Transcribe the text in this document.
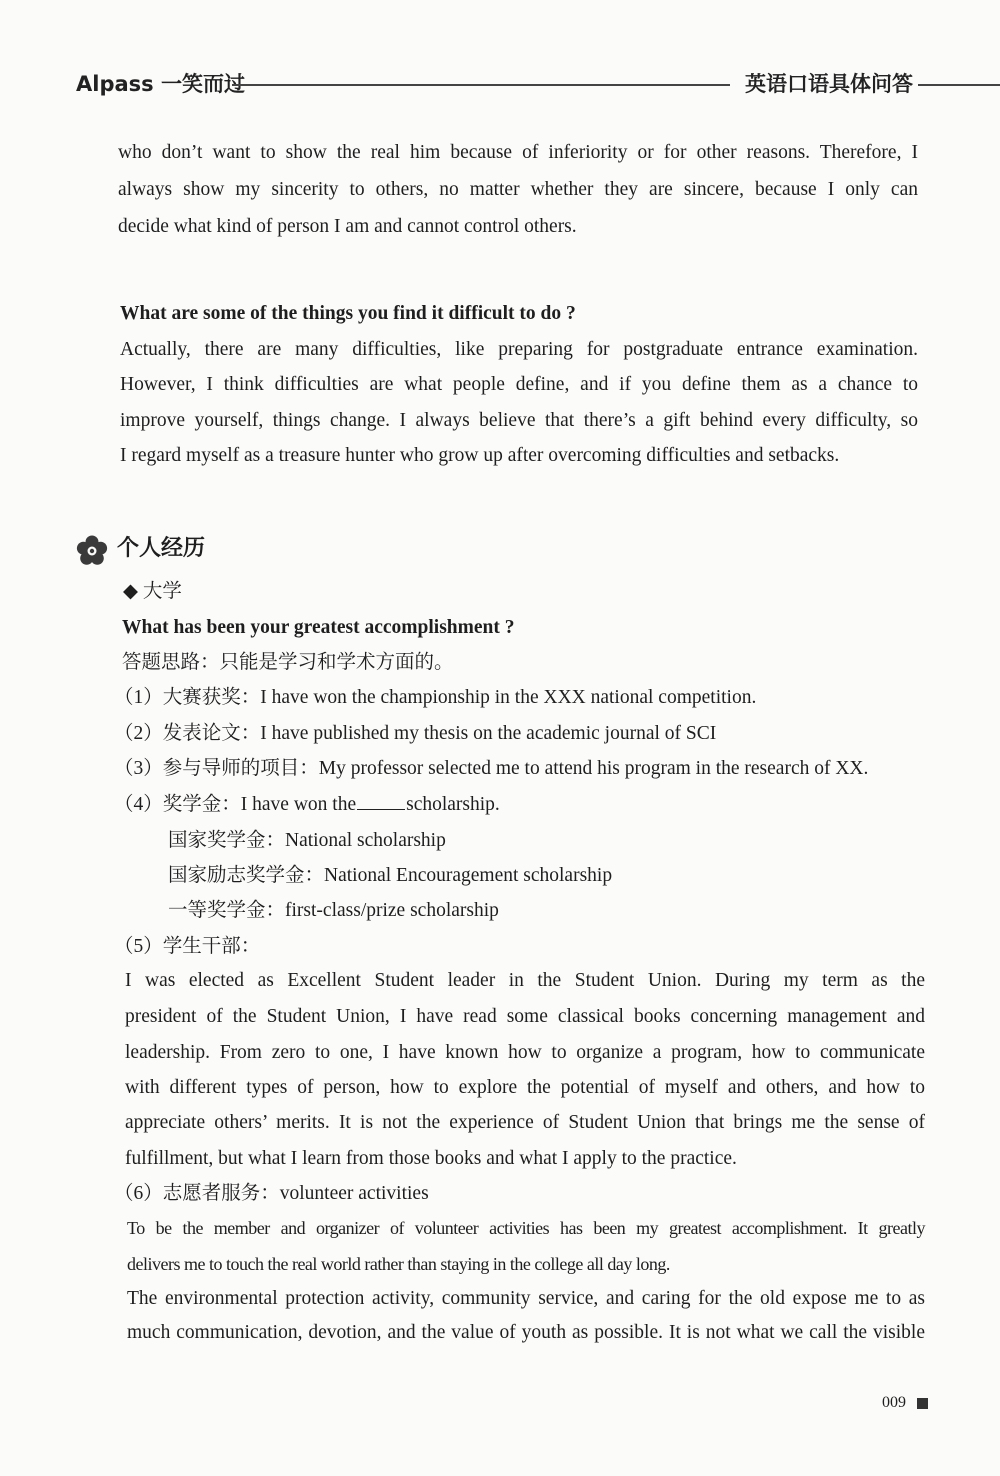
Alpass 一笑而过	英语口语具体问答
who don’t want to show the real him because of inferiority or for other reasons. Therefore, I
always show my sincerity to others, no matter whether they are sincere, because I only can
decide what kind of person I am and cannot control others.
What are some of the things you find it difficult to do ?
Actually, there are many difficulties, like preparing for postgraduate entrance examination.
However, I think difficulties are what people define, and if you define them as a chance to
improve yourself, things change. I always believe that there’s a gift behind every difficulty, so
I regard myself as a treasure hunter who grow up after overcoming difficulties and setbacks.
个人经历
◆ 大学
What has been your greatest accomplishment ?
答题思路：只能是学习和学术方面的。
（1）大赛获奖：I have won the championship in the XXX national competition.
（2）发表论文：I have published my thesis on the academic journal of SCI
（3）参与导师的项目：My professor selected me to attend his program in the research of XX.
（4）奖学金：I have won the	scholarship.
国家奖学金：National scholarship
国家励志奖学金：National Encouragement scholarship
一等奖学金：first-class/prize scholarship
（5）学生干部：
I was elected as Excellent Student leader in the Student Union. During my term as the
president of the Student Union, I have read some classical books concerning management and
leadership. From zero to one, I have known how to organize a program, how to communicate
with different types of person, how to explore the potential of myself and others, and how to
appreciate others’ merits. It is not the experience of Student Union that brings me the sense of
fulfillment, but what I learn from those books and what I apply to the practice.
（6）志愿者服务：volunteer activities
To be the member and organizer of volunteer activities has been my greatest accomplishment. It greatly
delivers me to touch the real world rather than staying in the college all day long.
The environmental protection activity, community service, and caring for the old expose me to as
much communication, devotion, and the value of youth as possible. It is not what we call the visible
009
